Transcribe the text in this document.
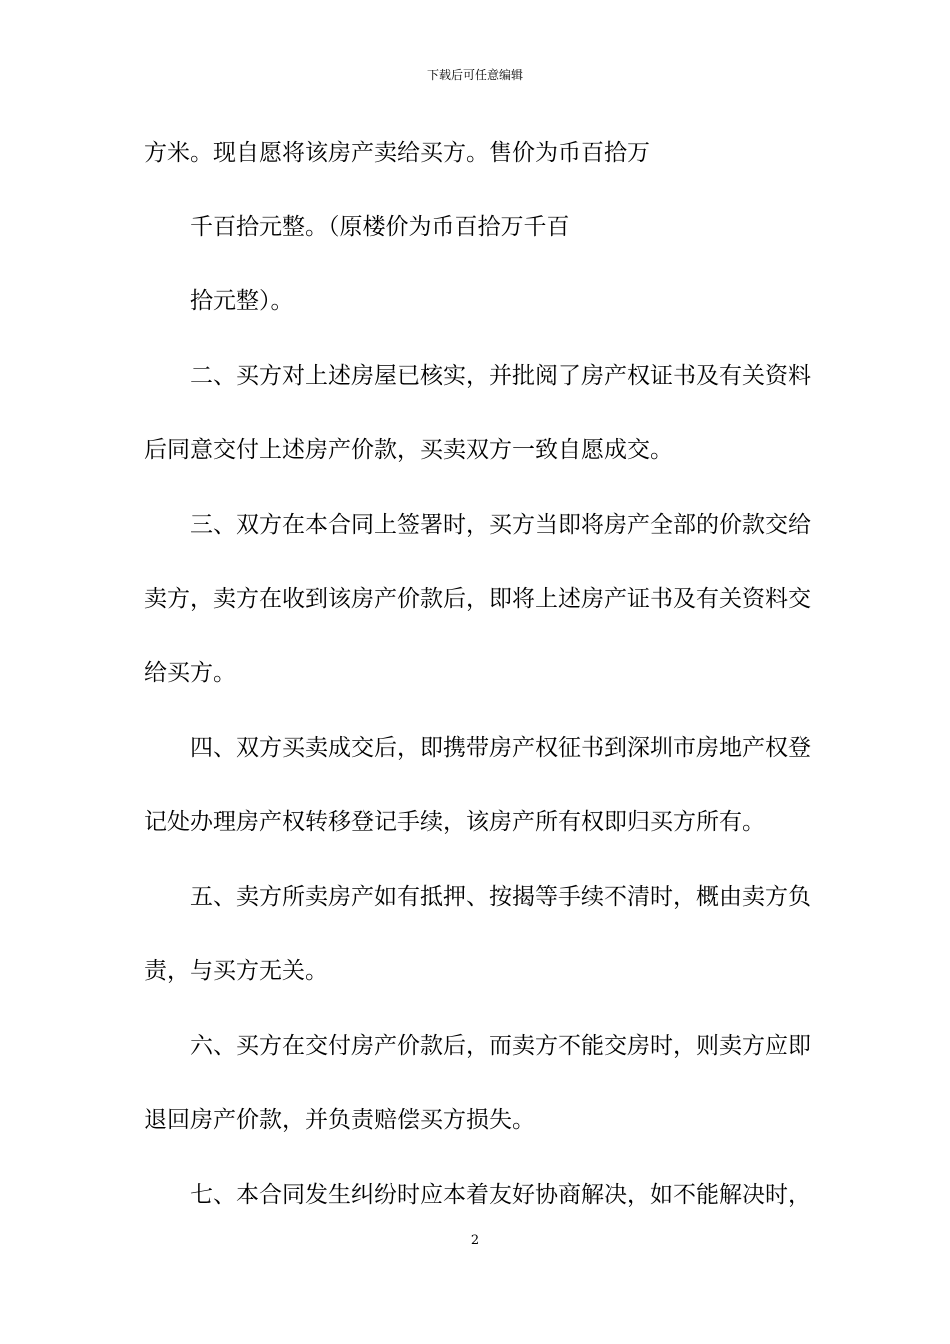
下载后可任意编辑
方米。现自愿将该房产卖给买方。售价为币百拾万
千百拾元整。（原楼价为币百拾万千百
拾元整）。
二、买方对上述房屋已核实，并批阅了房产权证书及有关资料
后同意交付上述房产价款，买卖双方一致自愿成交。
三、双方在本合同上签署时，买方当即将房产全部的价款交给
卖方，卖方在收到该房产价款后，即将上述房产证书及有关资料交
给买方。
四、双方买卖成交后，即携带房产权征书到深圳市房地产权登
记处办理房产权转移登记手续，该房产所有权即归买方所有。
五、卖方所卖房产如有抵押、按揭等手续不清时，概由卖方负
责，与买方无关。
六、买方在交付房产价款后，而卖方不能交房时，则卖方应即
退回房产价款，并负责赔偿买方损失。
七、本合同发生纠纷时应本着友好协商解决，如不能解决时，
2
